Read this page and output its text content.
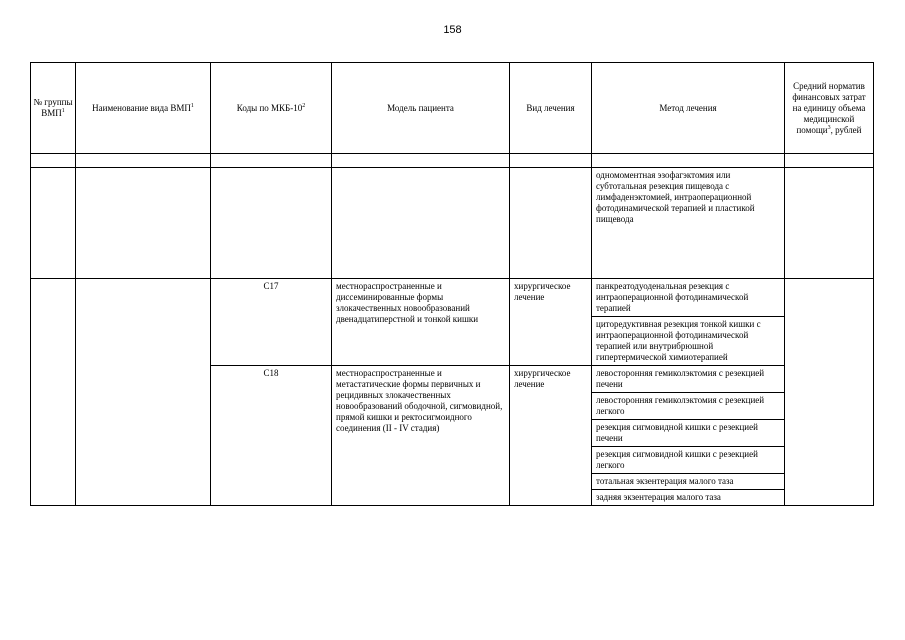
158
№ группы ВМП$^1$	Наименование вида ВМП$^1$	Коды по МКБ-$10^2$	Модель пациента	Вид лечения	Метод лечения	Средний норматив финансовых затрат на единицу объема медицинской помощи$^3$, рублей

					одномоментная эзофагэктомия или субтотальная резекция пищевода с лимфаденэктомией, интраоперационной фотодинамической терапией и пластикой пищевода	
		C17	местнораспространенные и диссеминированные формы злокачественных новообразований двенадцатиперстной и тонкой кишки	хирургическое лечение	панкреатодуоденальная резекция с интраоперационной фотодинамической терапией	
					циторедуктивная резекция тонкой кишки с интраоперационной фотодинамической терапией или внутрибрюшной гипертермической химиотерапией	
		C18	местнораспространенные и метастатические формы первичных и рецидивных злокачественных новообразований ободочной, сигмовидной, прямой кишки и ректосигмоидного соединения (II - IV стадия)	хирургическое лечение	левосторонняя гемиколэктомия с резекцией печени	
					левосторонняя гемиколэктомия с резекцией легкого	
					резекция сигмовидной кишки с резекцией печени	
					резекция сигмовидной кишки с резекцией легкого	
					тотальная экзентерация малого таза	
					задняя экзентерация малого таза	
